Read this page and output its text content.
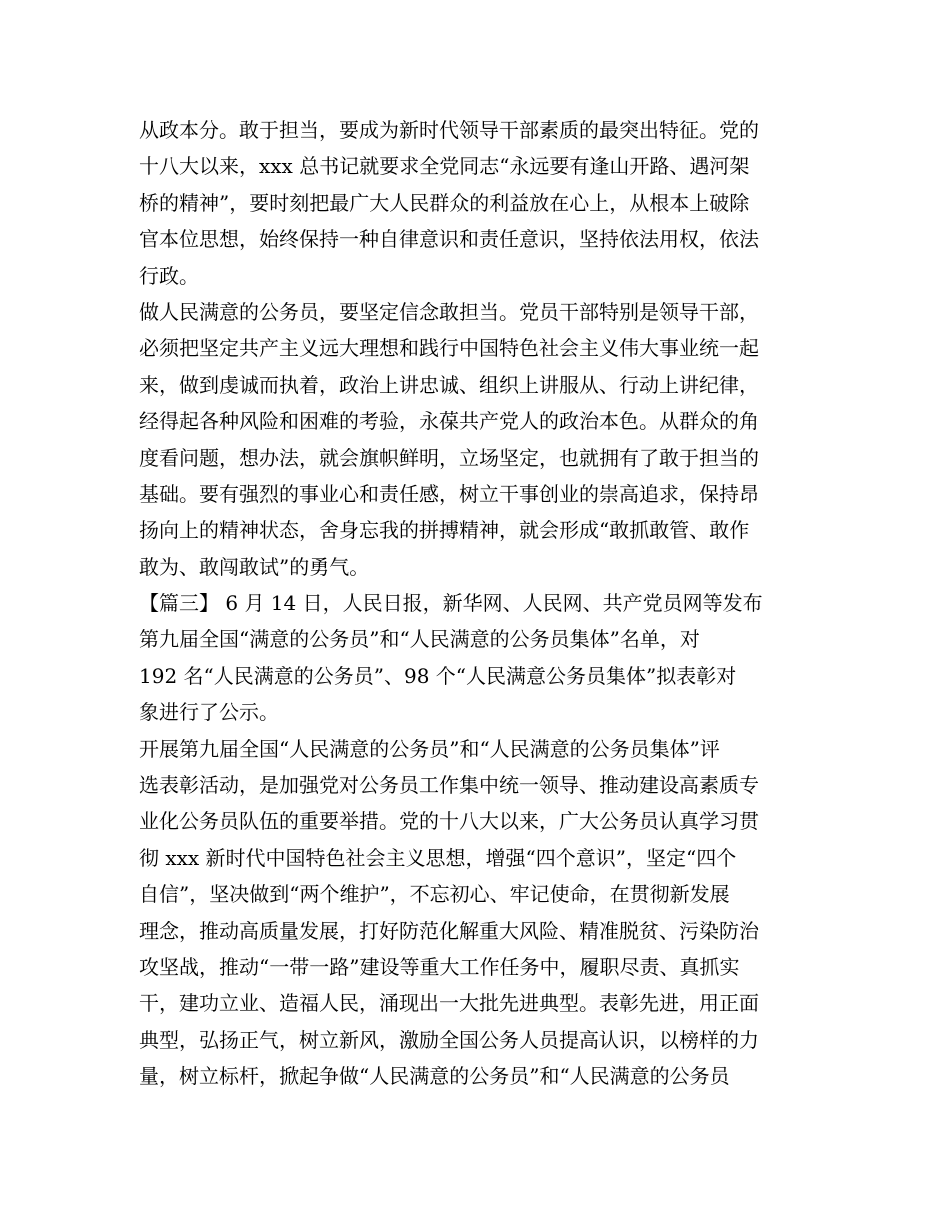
从政本分。敢于担当，要成为新时代领导干部素质的最突出特征。党的
十八大以来，xxx 总书记就要求全党同志“永远要有逢山开路、遇河架
桥的精神”，要时刻把最广大人民群众的利益放在心上，从根本上破除
官本位思想，始终保持一种自律意识和责任意识，坚持依法用权，依法
行政。
做人民满意的公务员，要坚定信念敢担当。党员干部特别是领导干部，
必须把坚定共产主义远大理想和践行中国特色社会主义伟大事业统一起
来，做到虔诚而执着，政治上讲忠诚、组织上讲服从、行动上讲纪律，
经得起各种风险和困难的考验，永葆共产党人的政治本色。从群众的角
度看问题，想办法，就会旗帜鲜明，立场坚定，也就拥有了敢于担当的
基础。要有强烈的事业心和责任感，树立干事创业的崇高追求，保持昂
扬向上的精神状态，舍身忘我的拼搏精神，就会形成“敢抓敢管、敢作
敢为、敢闯敢试”的勇气。
【篇三】 6 月 14 日，人民日报，新华网、人民网、共产党员网等发布
第九届全国“满意的公务员”和“人民满意的公务员集体”名单，对
192 名“人民满意的公务员”、98 个“人民满意公务员集体”拟表彰对
象进行了公示。
开展第九届全国“人民满意的公务员”和“人民满意的公务员集体”评
选表彰活动，是加强党对公务员工作集中统一领导、推动建设高素质专
业化公务员队伍的重要举措。党的十八大以来，广大公务员认真学习贯
彻 xxx 新时代中国特色社会主义思想，增强“四个意识”，坚定“四个
自信”，坚决做到“两个维护”，不忘初心、牢记使命，在贯彻新发展
理念，推动高质量发展，打好防范化解重大风险、精准脱贫、污染防治
攻坚战，推动“一带一路”建设等重大工作任务中，履职尽责、真抓实
干，建功立业、造福人民，涌现出一大批先进典型。表彰先进，用正面
典型，弘扬正气，树立新风，激励全国公务人员提高认识，以榜样的力
量，树立标杆，掀起争做“人民满意的公务员”和“人民满意的公务员
